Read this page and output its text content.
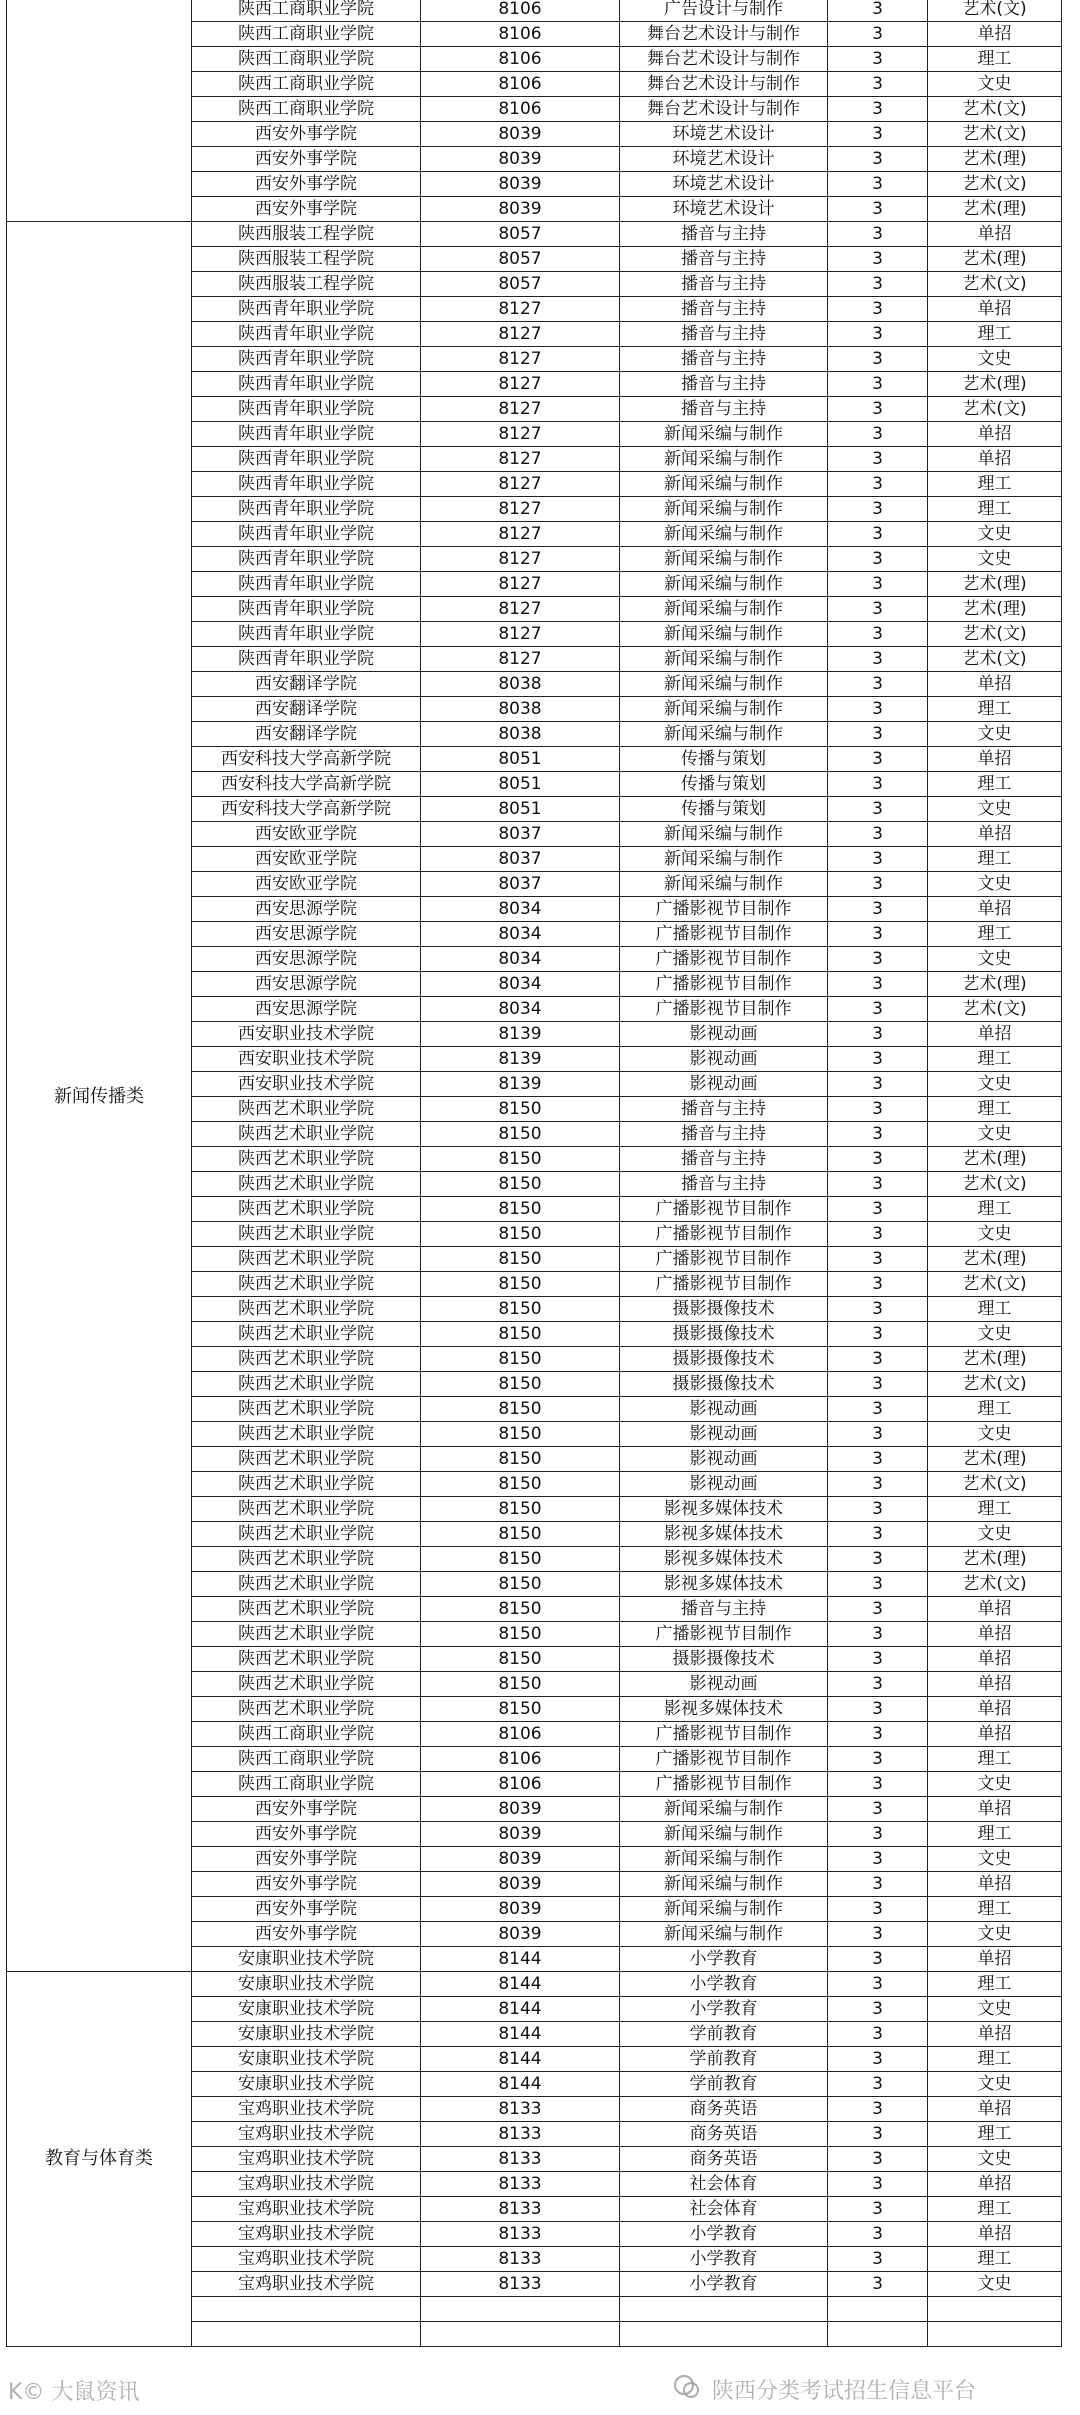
	陕西工商职业学院	8106	广告设计与制作	3	艺术(文)
	陕西工商职业学院	8106	舞台艺术设计与制作	3	单招
	陕西工商职业学院	8106	舞台艺术设计与制作	3	理工
	陕西工商职业学院	8106	舞台艺术设计与制作	3	文史
	陕西工商职业学院	8106	舞台艺术设计与制作	3	艺术(文)
	西安外事学院	8039	环境艺术设计	3	艺术(文)
	西安外事学院	8039	环境艺术设计	3	艺术(理)
	西安外事学院	8039	环境艺术设计	3	艺术(文)
	西安外事学院	8039	环境艺术设计	3	艺术(理)
新闻传播类	陕西服装工程学院	8057	播音与主持	3	单招
	陕西服装工程学院	8057	播音与主持	3	艺术(理)
	陕西服装工程学院	8057	播音与主持	3	艺术(文)
	陕西青年职业学院	8127	播音与主持	3	单招
	陕西青年职业学院	8127	播音与主持	3	理工
	陕西青年职业学院	8127	播音与主持	3	文史
	陕西青年职业学院	8127	播音与主持	3	艺术(理)
	陕西青年职业学院	8127	播音与主持	3	艺术(文)
	陕西青年职业学院	8127	新闻采编与制作	3	单招
	陕西青年职业学院	8127	新闻采编与制作	3	单招
	陕西青年职业学院	8127	新闻采编与制作	3	理工
	陕西青年职业学院	8127	新闻采编与制作	3	理工
	陕西青年职业学院	8127	新闻采编与制作	3	文史
	陕西青年职业学院	8127	新闻采编与制作	3	文史
	陕西青年职业学院	8127	新闻采编与制作	3	艺术(理)
	陕西青年职业学院	8127	新闻采编与制作	3	艺术(理)
	陕西青年职业学院	8127	新闻采编与制作	3	艺术(文)
	陕西青年职业学院	8127	新闻采编与制作	3	艺术(文)
	西安翻译学院	8038	新闻采编与制作	3	单招
	西安翻译学院	8038	新闻采编与制作	3	理工
	西安翻译学院	8038	新闻采编与制作	3	文史
	西安科技大学高新学院	8051	传播与策划	3	单招
	西安科技大学高新学院	8051	传播与策划	3	理工
	西安科技大学高新学院	8051	传播与策划	3	文史
	西安欧亚学院	8037	新闻采编与制作	3	单招
	西安欧亚学院	8037	新闻采编与制作	3	理工
	西安欧亚学院	8037	新闻采编与制作	3	文史
	西安思源学院	8034	广播影视节目制作	3	单招
	西安思源学院	8034	广播影视节目制作	3	理工
	西安思源学院	8034	广播影视节目制作	3	文史
	西安思源学院	8034	广播影视节目制作	3	艺术(理)
	西安思源学院	8034	广播影视节目制作	3	艺术(文)
	西安职业技术学院	8139	影视动画	3	单招
	西安职业技术学院	8139	影视动画	3	理工
	西安职业技术学院	8139	影视动画	3	文史
	陕西艺术职业学院	8150	播音与主持	3	理工
	陕西艺术职业学院	8150	播音与主持	3	文史
	陕西艺术职业学院	8150	播音与主持	3	艺术(理)
	陕西艺术职业学院	8150	播音与主持	3	艺术(文)
	陕西艺术职业学院	8150	广播影视节目制作	3	理工
	陕西艺术职业学院	8150	广播影视节目制作	3	文史
	陕西艺术职业学院	8150	广播影视节目制作	3	艺术(理)
	陕西艺术职业学院	8150	广播影视节目制作	3	艺术(文)
	陕西艺术职业学院	8150	摄影摄像技术	3	理工
	陕西艺术职业学院	8150	摄影摄像技术	3	文史
	陕西艺术职业学院	8150	摄影摄像技术	3	艺术(理)
	陕西艺术职业学院	8150	摄影摄像技术	3	艺术(文)
	陕西艺术职业学院	8150	影视动画	3	理工
	陕西艺术职业学院	8150	影视动画	3	文史
	陕西艺术职业学院	8150	影视动画	3	艺术(理)
	陕西艺术职业学院	8150	影视动画	3	艺术(文)
	陕西艺术职业学院	8150	影视多媒体技术	3	理工
	陕西艺术职业学院	8150	影视多媒体技术	3	文史
	陕西艺术职业学院	8150	影视多媒体技术	3	艺术(理)
	陕西艺术职业学院	8150	影视多媒体技术	3	艺术(文)
	陕西艺术职业学院	8150	播音与主持	3	单招
	陕西艺术职业学院	8150	广播影视节目制作	3	单招
	陕西艺术职业学院	8150	摄影摄像技术	3	单招
	陕西艺术职业学院	8150	影视动画	3	单招
	陕西艺术职业学院	8150	影视多媒体技术	3	单招
	陕西工商职业学院	8106	广播影视节目制作	3	单招
	陕西工商职业学院	8106	广播影视节目制作	3	理工
	陕西工商职业学院	8106	广播影视节目制作	3	文史
	西安外事学院	8039	新闻采编与制作	3	单招
	西安外事学院	8039	新闻采编与制作	3	理工
	西安外事学院	8039	新闻采编与制作	3	文史
	西安外事学院	8039	新闻采编与制作	3	单招
	西安外事学院	8039	新闻采编与制作	3	理工
	西安外事学院	8039	新闻采编与制作	3	文史
	安康职业技术学院	8144	小学教育	3	单招
教育与体育类	安康职业技术学院	8144	小学教育	3	理工
	安康职业技术学院	8144	小学教育	3	文史
	安康职业技术学院	8144	学前教育	3	单招
	安康职业技术学院	8144	学前教育	3	理工
	安康职业技术学院	8144	学前教育	3	文史
	宝鸡职业技术学院	8133	商务英语	3	单招
	宝鸡职业技术学院	8133	商务英语	3	理工
	宝鸡职业技术学院	8133	商务英语	3	文史
	宝鸡职业技术学院	8133	社会体育	3	单招
	宝鸡职业技术学院	8133	社会体育	3	理工
	宝鸡职业技术学院	8133	小学教育	3	单招
	宝鸡职业技术学院	8133	小学教育	3	理工
	宝鸡职业技术学院	8133	小学教育	3	文史

K© 大鼠资讯	陕西分类考试招生信息平台
